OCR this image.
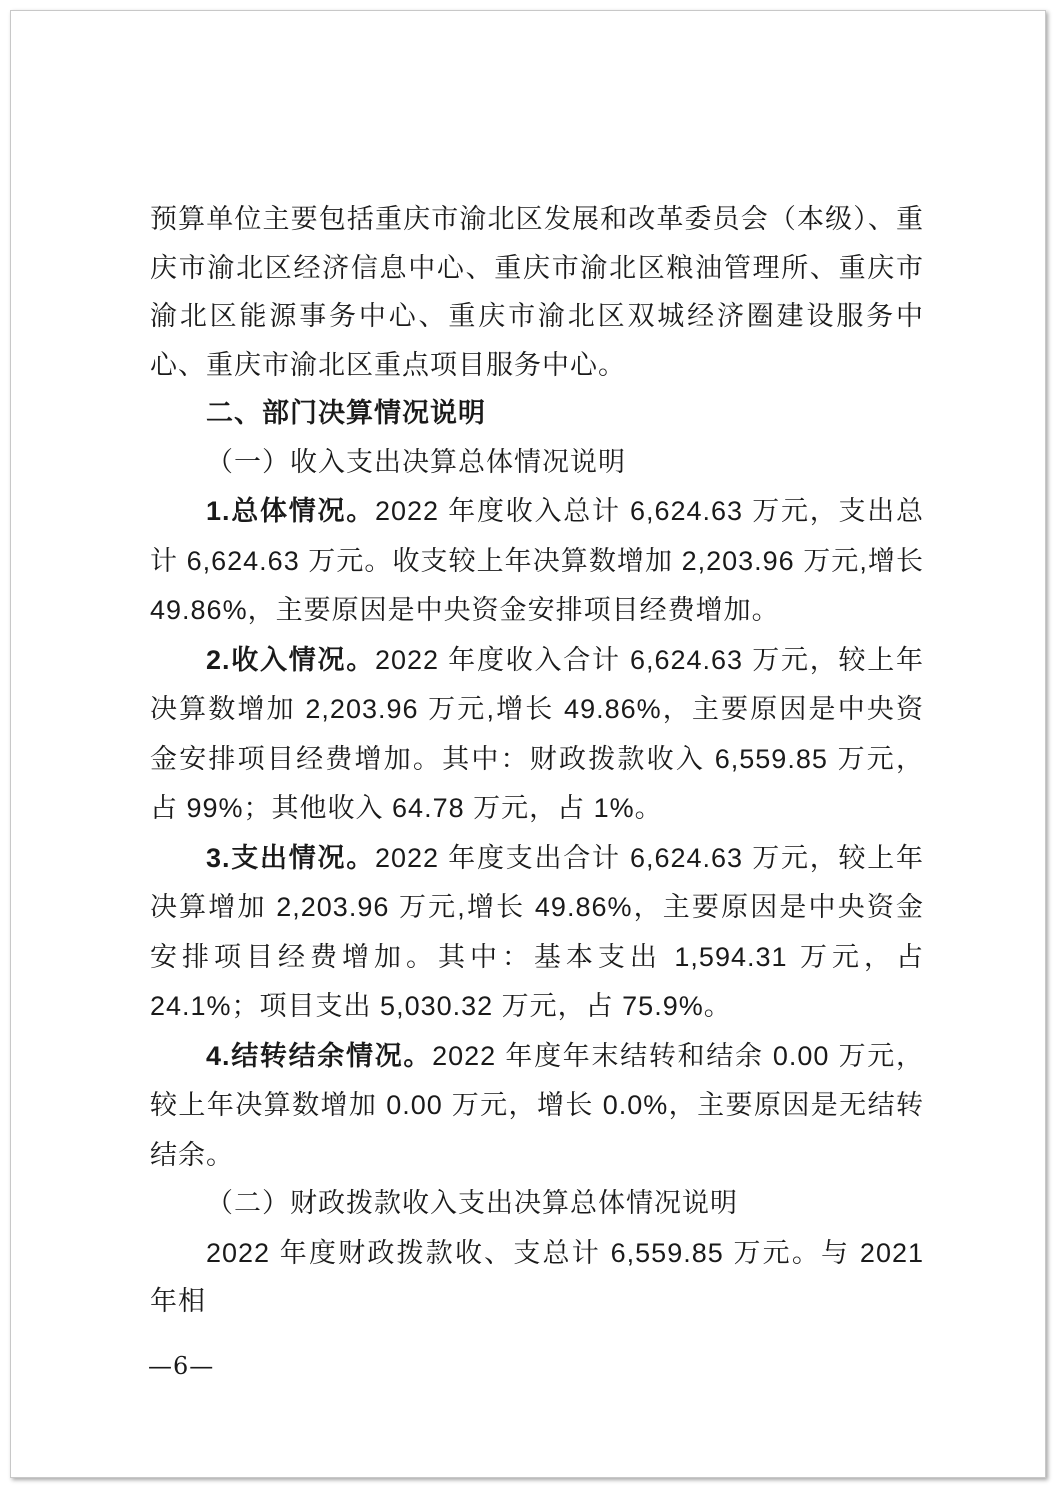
预算单位主要包括重庆市渝北区发展和改革委员会（本级）、重庆市渝北区经济信息中心、重庆市渝北区粮油管理所、重庆市渝北区能源事务中心、重庆市渝北区双城经济圈建设服务中心、重庆市渝北区重点项目服务中心。

二、部门决算情况说明

（一）收入支出决算总体情况说明

1.总体情况。2022 年度收入总计 6,624.63 万元，支出总计 6,624.63 万元。收支较上年决算数增加 2,203.96 万元,增长 49.86%，主要原因是中央资金安排项目经费增加。

2.收入情况。2022 年度收入合计 6,624.63 万元，较上年决算数增加 2,203.96 万元,增长 49.86%，主要原因是中央资金安排项目经费增加。其中：财政拨款收入 6,559.85 万元，占 99%；其他收入 64.78 万元，占 1%。

3.支出情况。2022 年度支出合计 6,624.63 万元，较上年决算增加 2,203.96 万元,增长 49.86%，主要原因是中央资金安排项目经费增加。其中：基本支出 1,594.31 万元，占 24.1%；项目支出 5,030.32 万元，占 75.9%。

4.结转结余情况。2022 年度年末结转和结余 0.00 万元，较上年决算数增加 0.00 万元，增长 0.0%，主要原因是无结转结余。

（二）财政拨款收入支出决算总体情况说明

2022 年度财政拨款收、支总计 6,559.85 万元。与 2021 年相

—6—
